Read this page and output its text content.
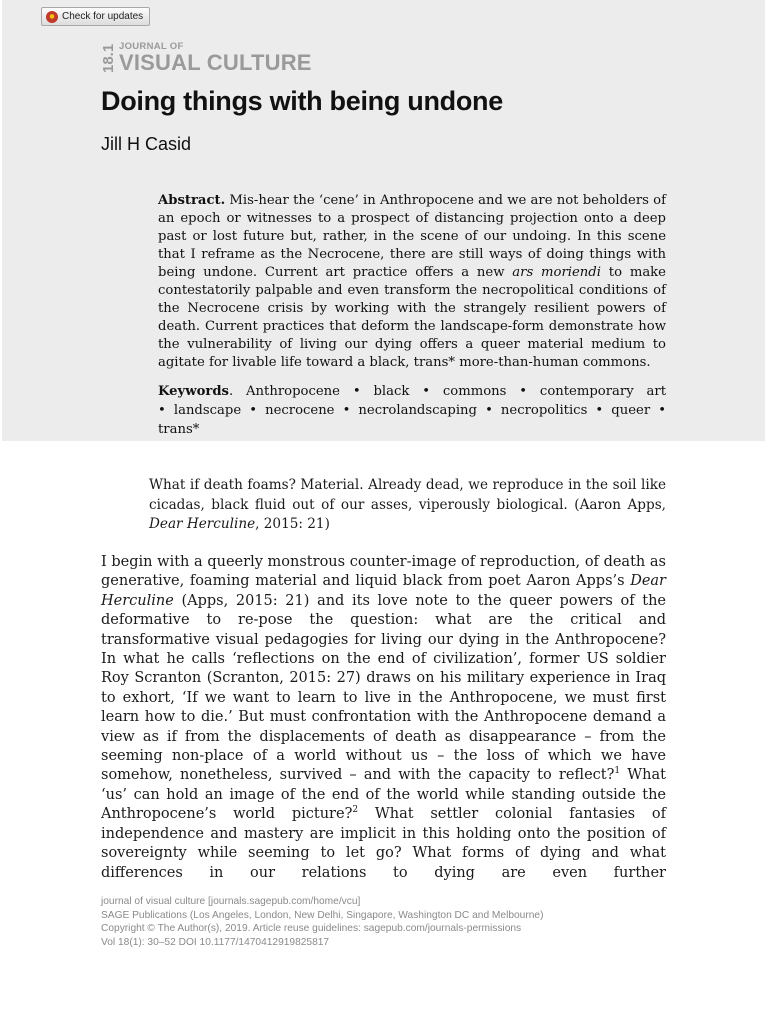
Check for updates
18.1 JOURNAL OF
VISUAL CULTURE
Doing things with being undone
Jill H Casid

Abstract. Mis-hear the ‘cene’ in Anthropocene and we are not beholders of an epoch or witnesses to a prospect of distancing projection onto a deep past or lost future but, rather, in the scene of our undoing. In this scene that I reframe as the Necrocene, there are still ways of doing things with being undone. Current art practice offers a new ars moriendi to make contestatorily palpable and even transform the necropolitical conditions of the Necrocene crisis by working with the strangely resilient powers of death. Current practices that deform the landscape-form demonstrate how the vulnerability of living our dying offers a queer material medium to agitate for livable life toward a black, trans* more-than-human commons.

Keywords. Anthropocene • black • commons • contemporary art
• landscape • necrocene • necrolandscaping • necropolitics • queer • trans*

What if death foams? Material. Already dead, we reproduce in the soil like cicadas, black fluid out of our asses, viperously biological. (Aaron Apps, Dear Herculine, 2015: 21)

I begin with a queerly monstrous counter-image of reproduction, of death as generative, foaming material and liquid black from poet Aaron Apps’s Dear Herculine (Apps, 2015: 21) and its love note to the queer powers of the deformative to re-pose the question: what are the critical and transformative visual pedagogies for living our dying in the Anthropocene? In what he calls ‘reflections on the end of civilization’, former US soldier Roy Scranton (Scranton, 2015: 27) draws on his military experience in Iraq to exhort, ‘If we want to learn to live in the Anthropocene, we must first learn how to die.’ But must confrontation with the Anthropocene demand a view as if from the displacements of death as disappearance – from the seeming non-place of a world without us – the loss of which we have somehow, nonetheless, survived – and with the capacity to reflect?$^1$ What ‘us’ can hold an image of the end of the world while standing outside the Anthropocene’s world picture?$^2$ What settler colonial fantasies of independence and mastery are implicit in this holding onto the position of sovereignty while seeming to let go? What forms of dying and what differences in our relations to dying are even further

journal of visual culture [journals.sagepub.com/home/vcu]
SAGE Publications (Los Angeles, London, New Delhi, Singapore, Washington DC and Melbourne)
Copyright © The Author(s), 2019. Article reuse guidelines: sagepub.com/journals-permissions
Vol 18(1): 30–52 DOI 10.1177/1470412919825817
